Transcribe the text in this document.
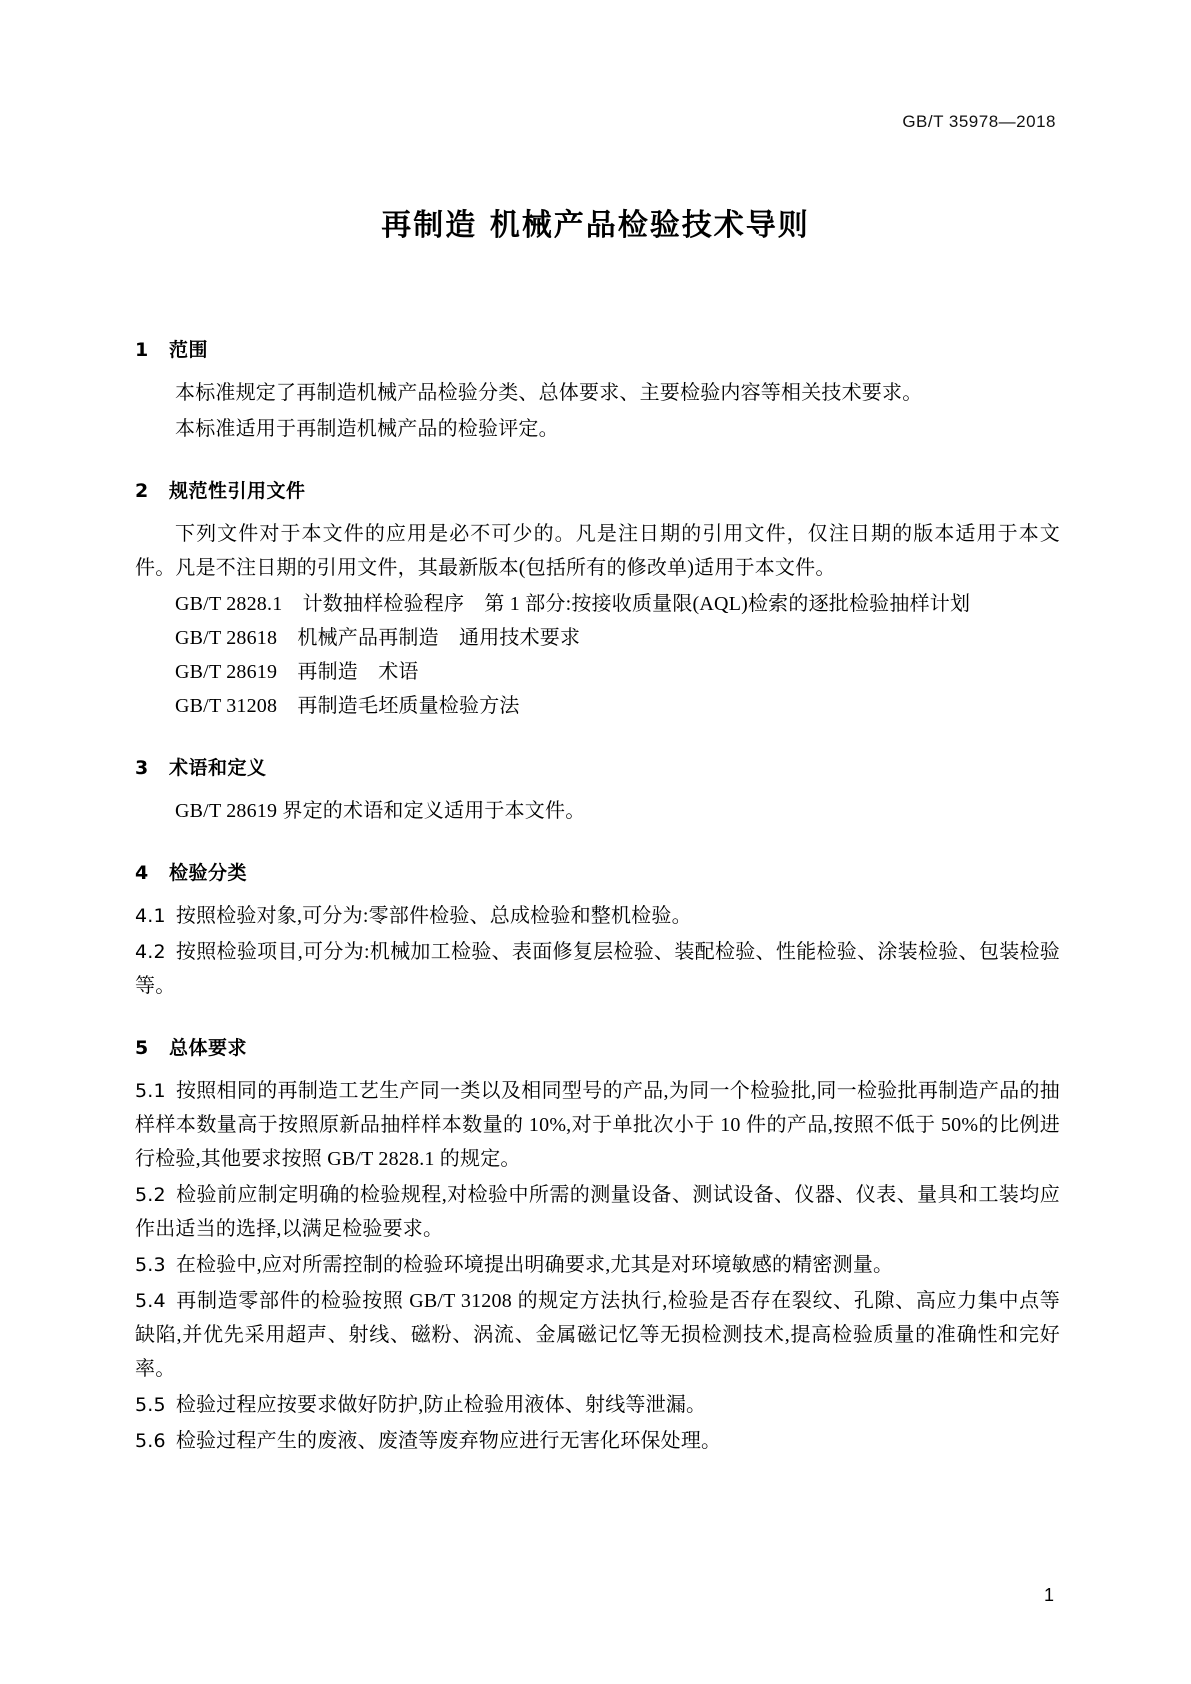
GB/T 35978—2018
再制造 机械产品检验技术导则
1 范围

本标准规定了再制造机械产品检验分类、总体要求、主要检验内容等相关技术要求。

本标准适用于再制造机械产品的检验评定。

2 规范性引用文件

下列文件对于本文件的应用是必不可少的。凡是注日期的引用文件，仅注日期的版本适用于本文件。凡是不注日期的引用文件，其最新版本(包括所有的修改单)适用于本文件。

GB/T 2828.1　计数抽样检验程序　第 1 部分:按接收质量限(AQL)检索的逐批检验抽样计划

GB/T 28618　机械产品再制造　通用技术要求

GB/T 28619　再制造　术语

GB/T 31208　再制造毛坯质量检验方法

3 术语和定义

GB/T 28619 界定的术语和定义适用于本文件。

4 检验分类

4.1 按照检验对象,可分为:零部件检验、总成检验和整机检验。

4.2 按照检验项目,可分为:机械加工检验、表面修复层检验、装配检验、性能检验、涂装检验、包装检验等。

5 总体要求

5.1 按照相同的再制造工艺生产同一类以及相同型号的产品,为同一个检验批,同一检验批再制造产品的抽样样本数量高于按照原新品抽样样本数量的 10%,对于单批次小于 10 件的产品,按照不低于 50%的比例进行检验,其他要求按照 GB/T 2828.1 的规定。

5.2 检验前应制定明确的检验规程,对检验中所需的测量设备、测试设备、仪器、仪表、量具和工装均应作出适当的选择,以满足检验要求。

5.3 在检验中,应对所需控制的检验环境提出明确要求,尤其是对环境敏感的精密测量。

5.4 再制造零部件的检验按照 GB/T 31208 的规定方法执行,检验是否存在裂纹、孔隙、高应力集中点等缺陷,并优先采用超声、射线、磁粉、涡流、金属磁记忆等无损检测技术,提高检验质量的准确性和完好率。

5.5 检验过程应按要求做好防护,防止检验用液体、射线等泄漏。

5.6 检验过程产生的废液、废渣等废弃物应进行无害化环保处理。

1
